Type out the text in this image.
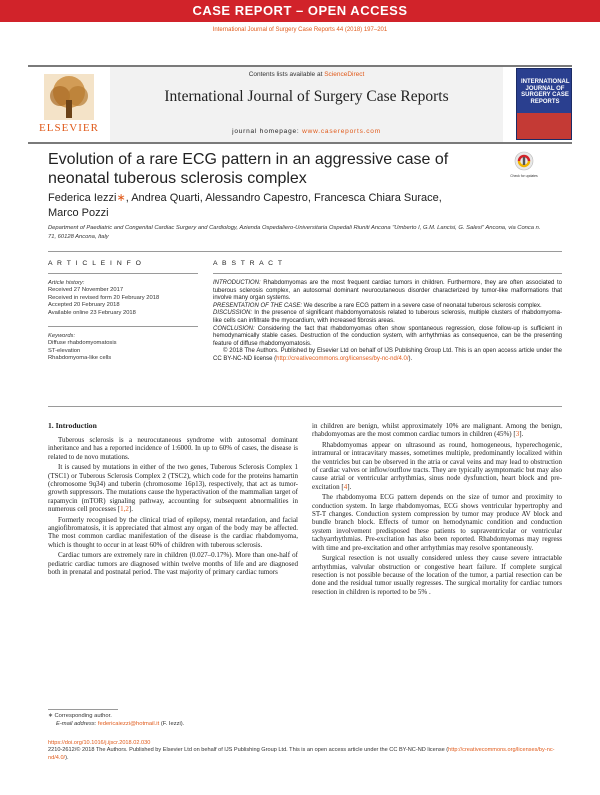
CASE REPORT – OPEN ACCESS
International Journal of Surgery Case Reports 44 (2018) 197–201
ELSEVIER
Contents lists available at ScienceDirect
International Journal of Surgery Case Reports
journal homepage: www.casereports.com
INTERNATIONAL JOURNAL OF SURGERY CASE REPORTS
Evolution of a rare ECG pattern in an aggressive case of neonatal tuberous sclerosis complex	Check for updates
Federica Iezzi∗, Andrea Quarti, Alessandro Capestro, Francesca Chiara Surace,
Marco Pozzi
Department of Paediatric and Congenital Cardiac Surgery and Cardiology, Azienda Ospedaliero-Universitaria Ospedali Riuniti Ancona "Umberto I, G.M. Lancisi, G. Salesi" Ancona, via Conca n. 71, 60128 Ancona, Italy
A R T I C L E I N F O	A B S T R A C T
Article history:
Received 27 November 2017
Received in revised form 20 February 2018
Accepted 20 February 2018
Available online 23 February 2018
Keywords:
Diffuse rhabdomyomatosis
ST-elevation
Rhabdomyoma-like cells

INTRODUCTION: Rhabdomyomas are the most frequent cardiac tumors in children. Furthermore, they are often associated to tuberous sclerosis complex, an autosomal dominant neurocutaneous disorder characterized by tumor-like malformations that involve many organ systems.

PRESENTATION OF THE CASE: We describe a rare ECG pattern in a severe case of neonatal tuberous sclerosis complex.

DISCUSSION: In the presence of significant rhabdomyomatosis related to tuberous sclerosis, multiple clusters of rhabdomyoma-like cells can infiltrate the myocardium, with increased fibrosis areas.

CONCLUSION: Considering the fact that rhabdomyomas often show spontaneous regression, close follow-up is sufficient in hemodynamically stable cases. Destruction of the conduction system, with arrhythmias as consequence, can be the presenting feature of diffuse rhabdomyomatosis.

© 2018 The Authors. Published by Elsevier Ltd on behalf of IJS Publishing Group Ltd. This is an open access article under the CC BY-NC-ND license (http://creativecommons.org/licenses/by-nc-nd/4.0/).

1. Introduction

Tuberous sclerosis is a neurocutaneous syndrome with autosomal dominant inheritance and has a reported incidence of 1:6000. In up to 60% of cases, the disease is related to de novo mutations.

It is caused by mutations in either of the two genes, Tuberous Sclerosis Complex 1 (TSC1) or Tuberous Sclerosis Complex 2 (TSC2), which code for the proteins hamartin (chromosome 9q34) and tuberin (chromosome 16p13), respectively, that act as tumor-growth suppressors. The mutations cause the hyperactivation of the mammalian target of rapamycin (mTOR) signaling pathway, accounting for subsequent abnormalities in numerous cell processes [1,2].

Formerly recognised by the clinical triad of epilepsy, mental retardation, and facial angiofibromatosis, it is appreciated that almost any organ of the body may be affected. The most common cardiac manifestation of the disease is the cardiac rhabdomyoma, which is thought to occur in at least 60% of children with tuberous sclerosis.

Cardiac tumors are extremely rare in children (0.027–0.17%). More than one-half of pediatric cardiac tumors are diagnosed within twelve months of life and are diagnosed both in prenatal and postnatal period. The vast majority of primary cardiac tumors

in children are benign, whilst approximately 10% are malignant. Among the benign, rhabdomyomas are the most common cardiac tumors in children (45%) [3].

Rhabdomyomas appear on ultrasound as round, homogeneous, hyperechogenic, intramural or intracavitary masses, sometimes multiple, predominantly localized within the ventricles but can be observed in the atria or caval veins and may lead to obstruction of cardiac valves or inflow/outflow tracts. They are typically asymptomatic but may also cause atrial or ventricular arrhythmias, sinus node dysfunction, heart block and pre-excitation [4].

The rhabdomyoma ECG pattern depends on the size of tumor and proximity to conduction system. In large rhabdomyomas, ECG shows ventricular hypertrophy and ST-T changes. Conduction system compression by tumor may produce AV block and bundle branch block. Effects of tumor on hemodynamic condition and conduction system involvement predisposed these patients to supraventricular or ventricular tachyarrhythmias. Pre-excitation has also been reported. Rhabdomyomas may regress with time and pre-excitation and other arrhythmias may resolve spontaneously.

Surgical resection is not usually considered unless they cause severe intractable arrhythmias, valvular obstruction or congestive heart failure. If complete surgical resection is not possible because of the location of the tumor, a partial resection can be done and the residual tumor usually regresses. The surgical mortality for cardiac tumors resection in children is reported to be 5% .

∗ Corresponding author.
E-mail address: federicaiezzi@hotmail.it (F. Iezzi).
https://doi.org/10.1016/j.ijscr.2018.02.030
2210-2612/© 2018 The Authors. Published by Elsevier Ltd on behalf of IJS Publishing Group Ltd. This is an open access article under the CC BY-NC-ND license (http://creativecommons.org/licenses/by-nc-nd/4.0/).
